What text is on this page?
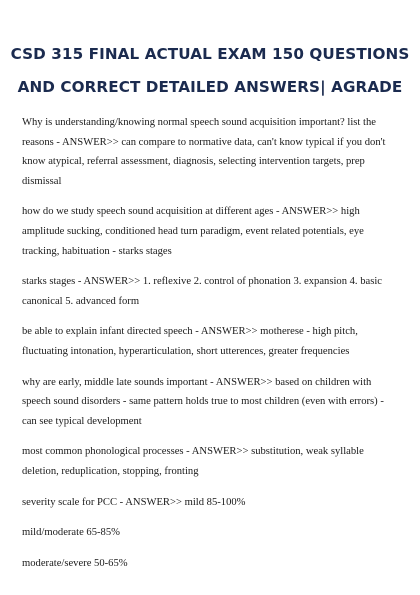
CSD 315 FINAL ACTUAL EXAM 150 QUESTIONS
AND CORRECT DETAILED ANSWERS| AGRADE

Why is understanding/knowing normal speech sound acquisition important? list the reasons - ANSWER>> can compare to normative data, can't know typical if you don't know atypical, referral assessment, diagnosis, selecting intervention targets, prep dismissal

how do we study speech sound acquisition at different ages - ANSWER>> high amplitude sucking, conditioned head turn paradigm, event related potentials, eye tracking, habituation - starks stages

starks stages - ANSWER>> 1. reflexive 2. control of phonation 3. expansion 4. basic canonical 5. advanced form

be able to explain infant directed speech - ANSWER>> motherese - high pitch, fluctuating intonation, hyperarticulation, short utterences, greater frequencies

why are early, middle late sounds important - ANSWER>> based on children with speech sound disorders - same pattern holds true to most children (even with errors) - can see typical development

most common phonological processes - ANSWER>> substitution, weak syllable deletion, reduplication, stopping, fronting

severity scale for PCC - ANSWER>> mild 85-100%

mild/moderate 65-85%

moderate/severe 50-65%
